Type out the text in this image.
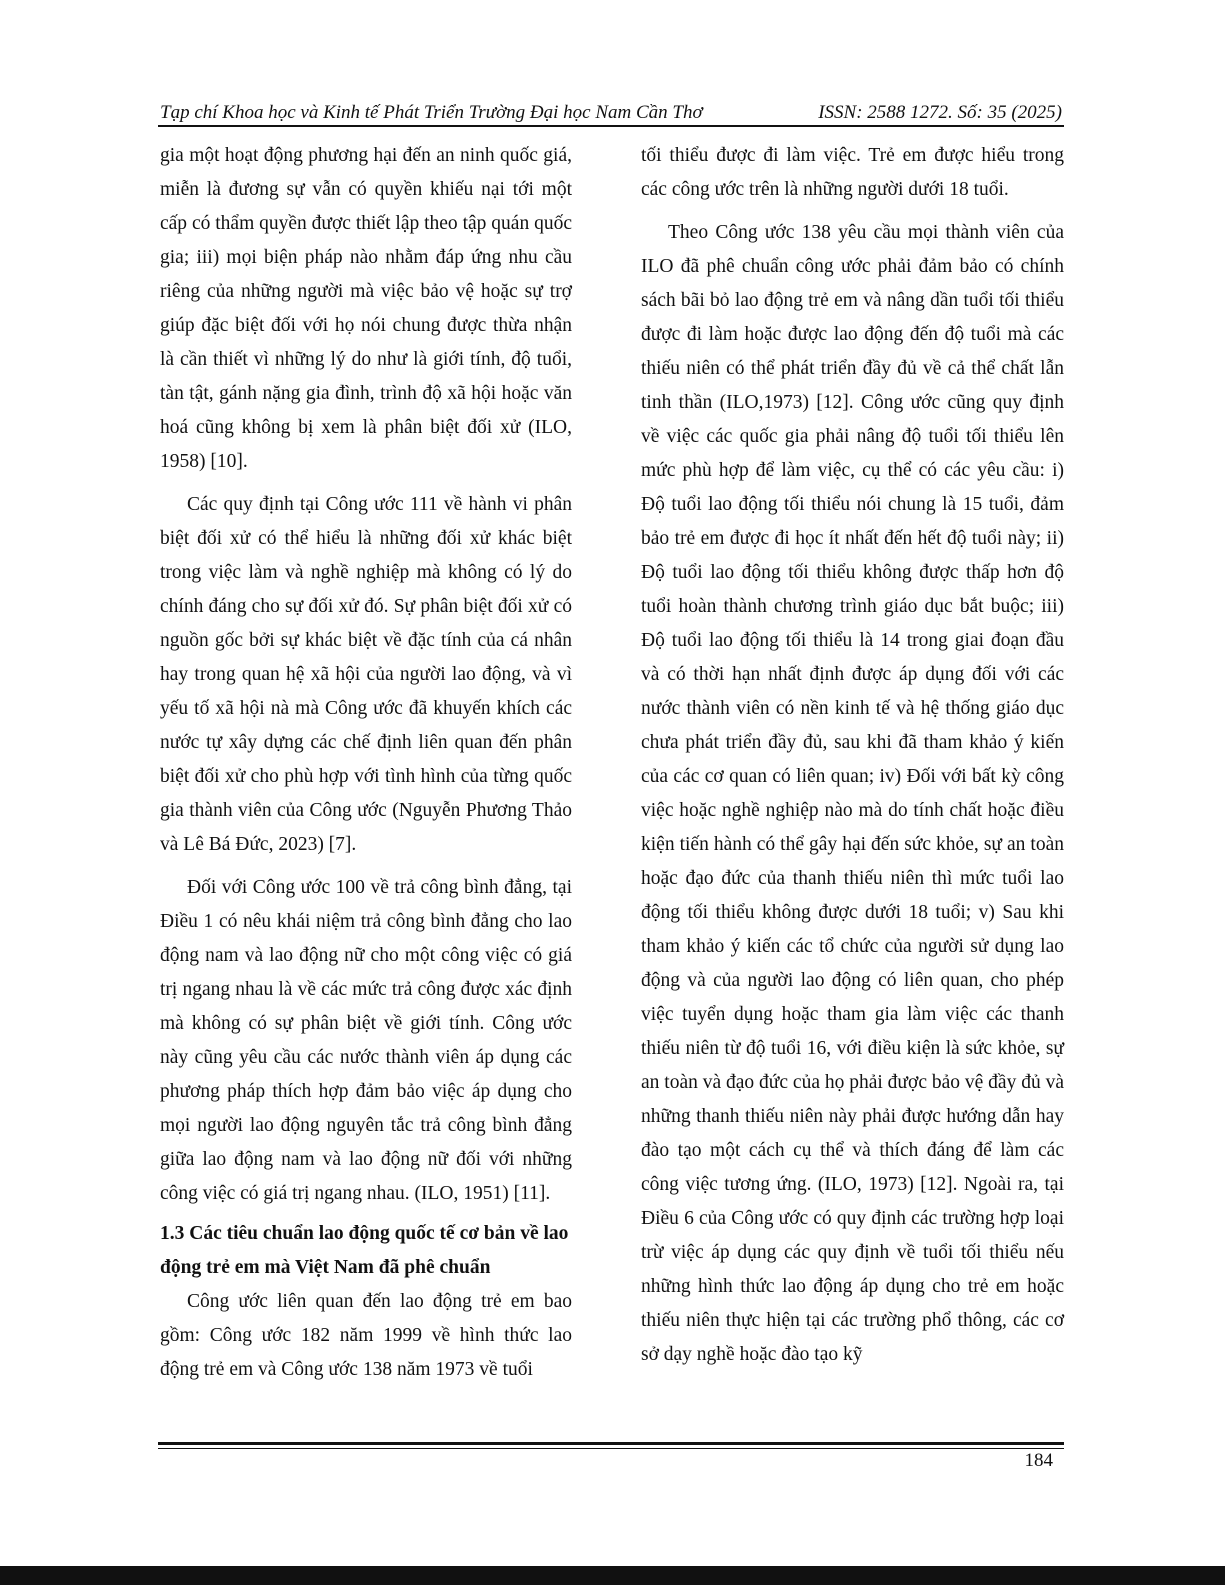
Tạp chí Khoa học và Kinh tế Phát Triển Trường Đại học Nam Cần Thơ	ISSN: 2588 1272. Số: 35 (2025)

gia một hoạt động phương hại đến an ninh quốc giá, miễn là đương sự vẫn có quyền khiếu nại tới một cấp có thẩm quyền được thiết lập theo tập quán quốc gia; iii) mọi biện pháp nào nhằm đáp ứng nhu cầu riêng của những người mà việc bảo vệ hoặc sự trợ giúp đặc biệt đối với họ nói chung được thừa nhận là cần thiết vì những lý do như là giới tính, độ tuổi, tàn tật, gánh nặng gia đình, trình độ xã hội hoặc văn hoá cũng không bị xem là phân biệt đối xử (ILO, 1958) [10].

Các quy định tại Công ước 111 về hành vi phân biệt đối xử có thể hiểu là những đối xử khác biệt trong việc làm và nghề nghiệp mà không có lý do chính đáng cho sự đối xử đó. Sự phân biệt đối xử có nguồn gốc bởi sự khác biệt về đặc tính của cá nhân hay trong quan hệ xã hội của người lao động, và vì yếu tố xã hội nà mà Công ước đã khuyến khích các nước tự xây dựng các chế định liên quan đến phân biệt đối xử cho phù hợp với tình hình của từng quốc gia thành viên của Công ước (Nguyễn Phương Thảo và Lê Bá Đức, 2023) [7].

Đối với Công ước 100 về trả công bình đẳng, tại Điều 1 có nêu khái niệm trả công bình đẳng cho lao động nam và lao động nữ cho một công việc có giá trị ngang nhau là về các mức trả công được xác định mà không có sự phân biệt về giới tính. Công ước này cũng yêu cầu các nước thành viên áp dụng các phương pháp thích hợp đảm bảo việc áp dụng cho mọi người lao động nguyên tắc trả công bình đẳng giữa lao động nam và lao động nữ đối với những công việc có giá trị ngang nhau. (ILO, 1951) [11].

1.3 Các tiêu chuẩn lao động quốc tế cơ bản về lao động trẻ em mà Việt Nam đã phê chuẩn

Công ước liên quan đến lao động trẻ em bao gồm: Công ước 182 năm 1999 về hình thức lao động trẻ em và Công ước 138 năm 1973 về tuổi

tối thiểu được đi làm việc. Trẻ em được hiểu trong các công ước trên là những người dưới 18 tuổi.

Theo Công ước 138 yêu cầu mọi thành viên của ILO đã phê chuẩn công ước phải đảm bảo có chính sách bãi bỏ lao động trẻ em và nâng dần tuổi tối thiểu được đi làm hoặc được lao động đến độ tuổi mà các thiếu niên có thể phát triển đầy đủ về cả thể chất lẫn tinh thần (ILO,1973) [12]. Công ước cũng quy định về việc các quốc gia phải nâng độ tuổi tối thiểu lên mức phù hợp để làm việc, cụ thể có các yêu cầu: i) Độ tuổi lao động tối thiểu nói chung là 15 tuổi, đảm bảo trẻ em được đi học ít nhất đến hết độ tuổi này; ii) Độ tuổi lao động tối thiểu không được thấp hơn độ tuổi hoàn thành chương trình giáo dục bắt buộc; iii) Độ tuổi lao động tối thiểu là 14 trong giai đoạn đầu và có thời hạn nhất định được áp dụng đối với các nước thành viên có nền kinh tế và hệ thống giáo dục chưa phát triển đầy đủ, sau khi đã tham khảo ý kiến của các cơ quan có liên quan; iv) Đối với bất kỳ công việc hoặc nghề nghiệp nào mà do tính chất hoặc điều kiện tiến hành có thể gây hại đến sức khỏe, sự an toàn hoặc đạo đức của thanh thiếu niên thì mức tuổi lao động tối thiểu không được dưới 18 tuổi; v) Sau khi tham khảo ý kiến các tổ chức của người sử dụng lao động và của người lao động có liên quan, cho phép việc tuyển dụng hoặc tham gia làm việc các thanh thiếu niên từ độ tuổi 16, với điều kiện là sức khỏe, sự an toàn và đạo đức của họ phải được bảo vệ đầy đủ và những thanh thiếu niên này phải được hướng dẫn hay đào tạo một cách cụ thể và thích đáng để làm các công việc tương ứng. (ILO, 1973) [12]. Ngoài ra, tại Điều 6 của Công ước có quy định các trường hợp loại trừ việc áp dụng các quy định về tuổi tối thiểu nếu những hình thức lao động áp dụng cho trẻ em hoặc thiếu niên thực hiện tại các trường phổ thông, các cơ sở dạy nghề hoặc đào tạo kỹ

184
